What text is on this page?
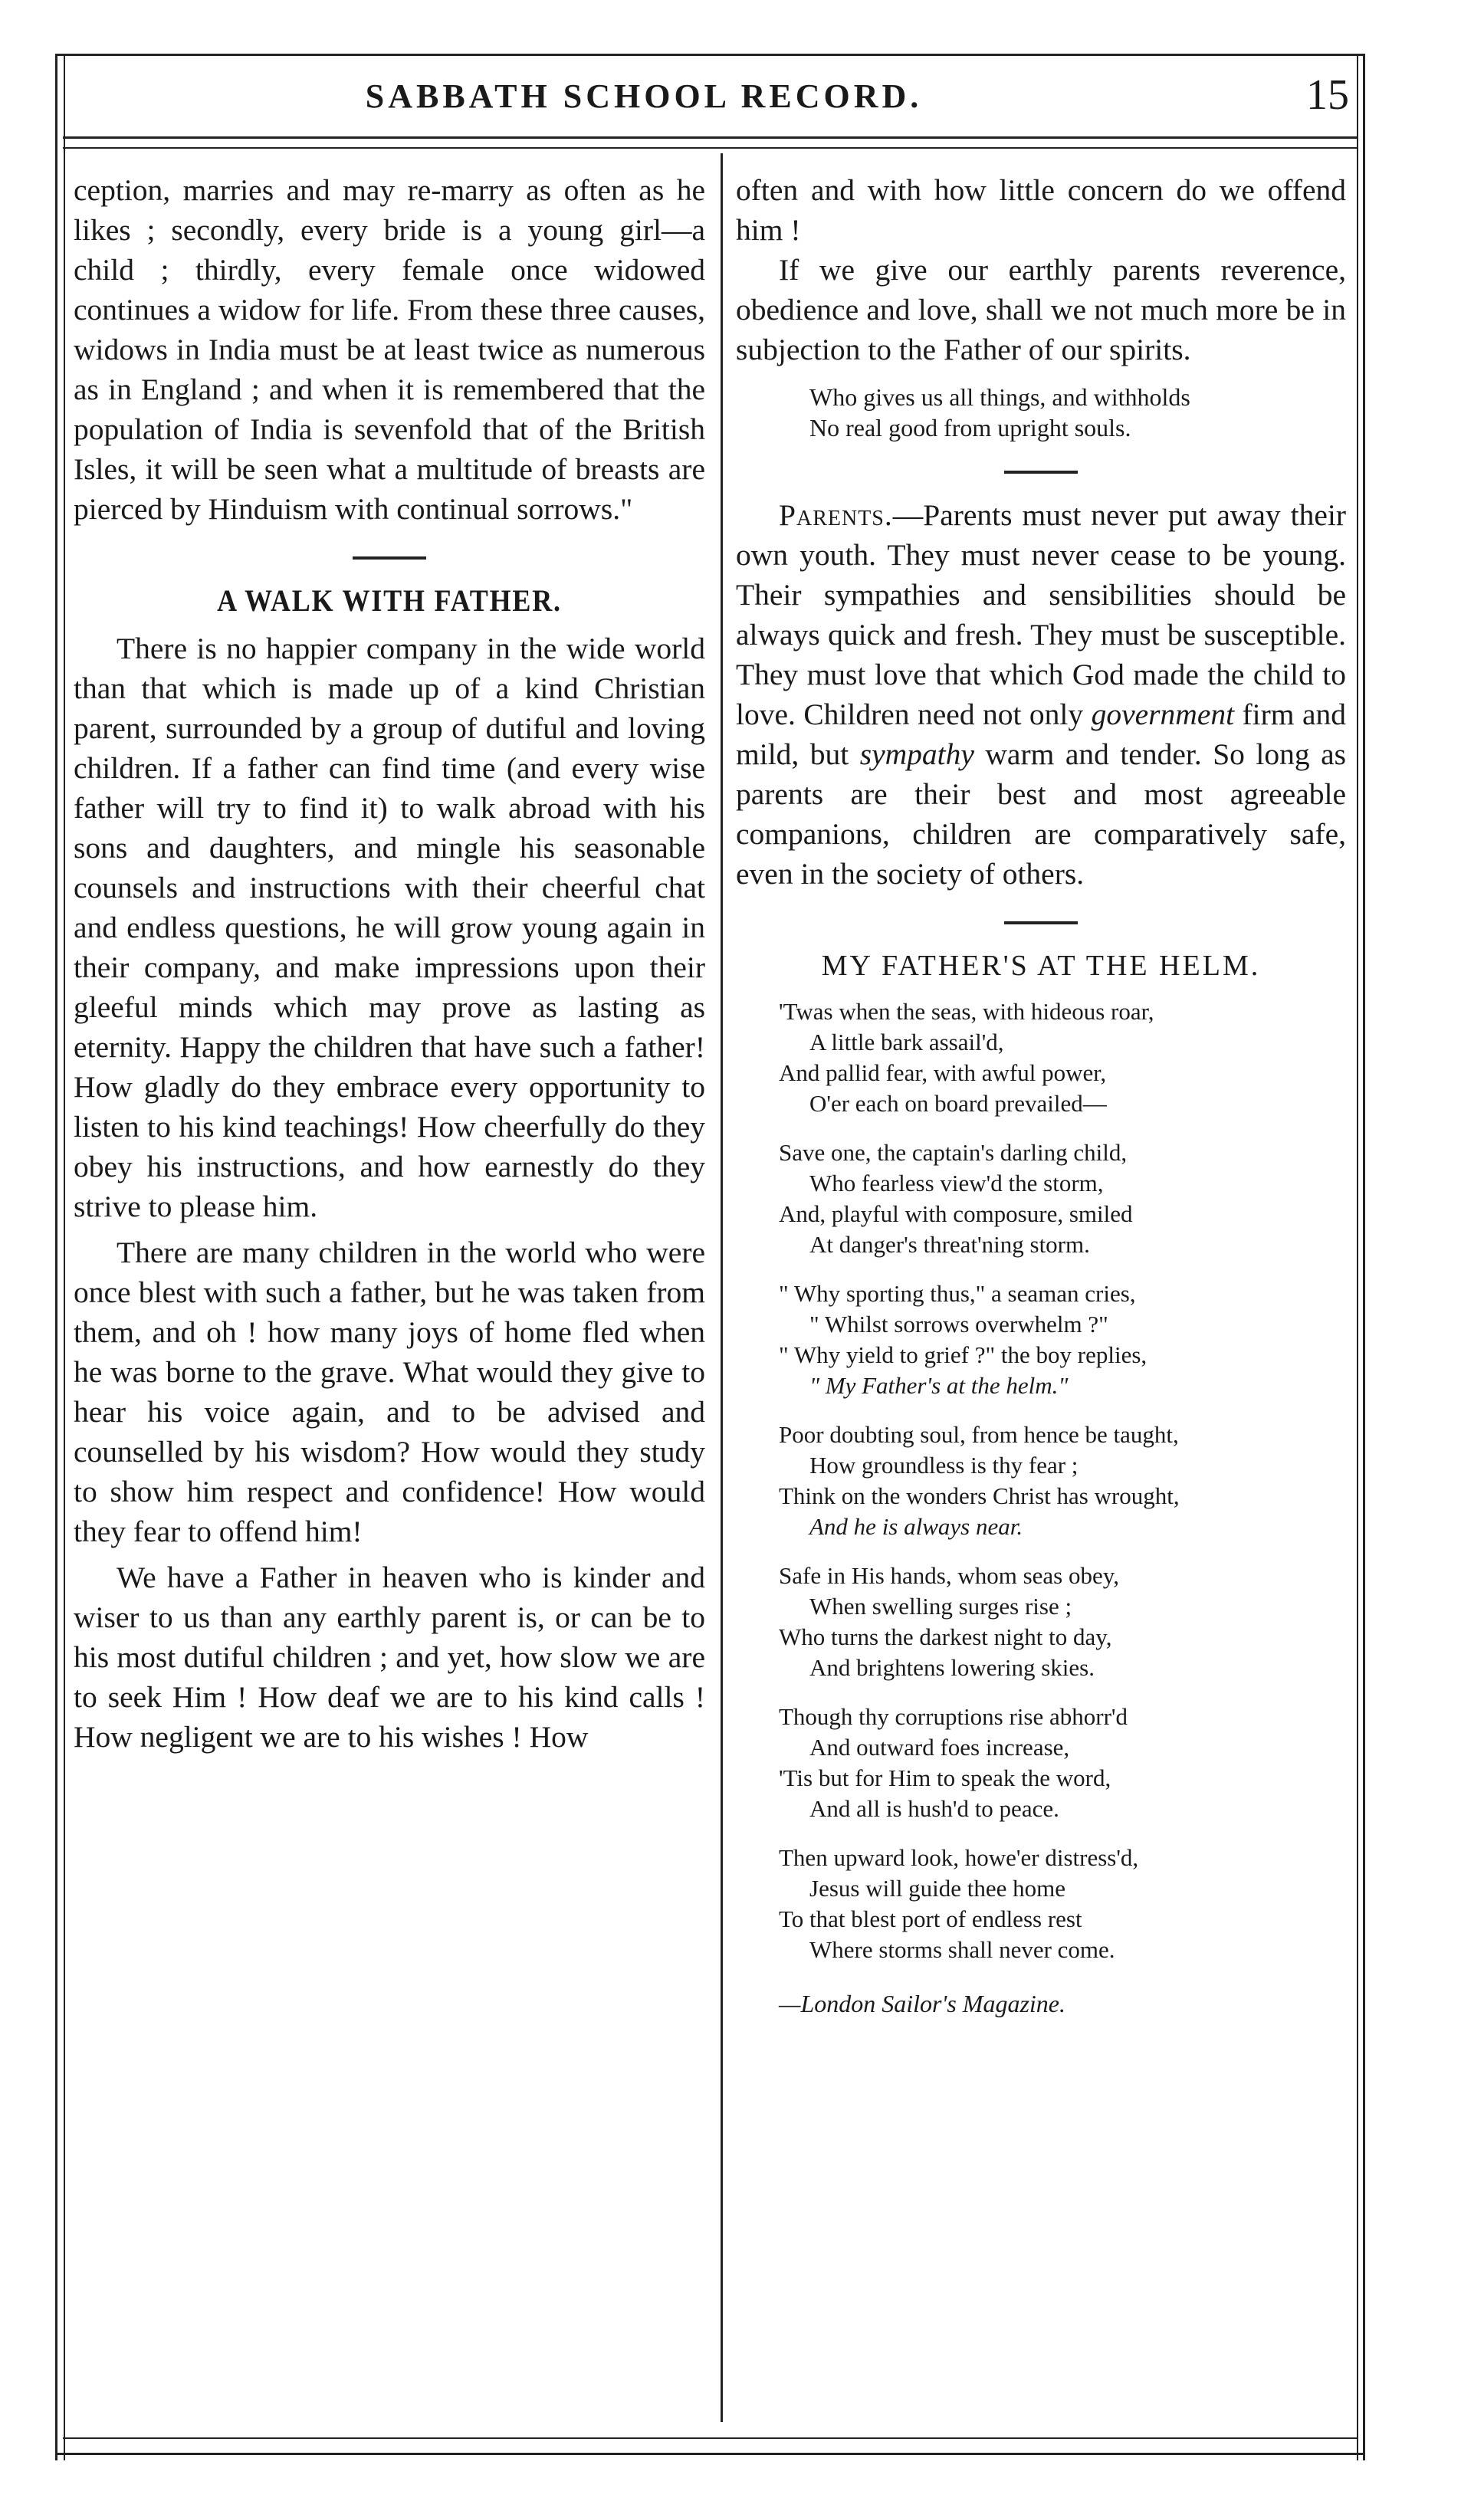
SABBATH SCHOOL RECORD.	15

ception, marries and may re-marry as often as he likes ; secondly, every bride is a young girl—a child ; thirdly, every female once widowed continues a widow for life. From these three causes, widows in India must be at least twice as numerous as in England ; and when it is remembered that the population of India is sevenfold that of the British Isles, it will be seen what a multitude of breasts are pierced by Hinduism with continual sorrows."

A WALK WITH FATHER.

There is no happier company in the wide world than that which is made up of a kind Christian parent, surrounded by a group of dutiful and loving children. If a father can find time (and every wise father will try to find it) to walk abroad with his sons and daughters, and mingle his seasonable counsels and instructions with their cheerful chat and endless questions, he will grow young again in their company, and make impressions upon their gleeful minds which may prove as lasting as eternity. Happy the children that have such a father! How gladly do they embrace every opportunity to listen to his kind teachings! How cheerfully do they obey his instructions, and how earnestly do they strive to please him.

There are many children in the world who were once blest with such a father, but he was taken from them, and oh ! how many joys of home fled when he was borne to the grave. What would they give to hear his voice again, and to be advised and counselled by his wisdom? How would they study to show him respect and confidence! How would they fear to offend him!

We have a Father in heaven who is kinder and wiser to us than any earthly parent is, or can be to his most dutiful children ; and yet, how slow we are to seek Him ! How deaf we are to his kind calls ! How negligent we are to his wishes ! How

often and with how little concern do we offend him !

If we give our earthly parents reverence, obedience and love, shall we not much more be in subjection to the Father of our spirits.

Who gives us all things, and withholds
No real good from upright souls.

Parents.—Parents must never put away their own youth. They must never cease to be young. Their sympathies and sensibilities should be always quick and fresh. They must be susceptible. They must love that which God made the child to love. Children need not only government firm and mild, but sympathy warm and tender. So long as parents are their best and most agreeable companions, children are comparatively safe, even in the society of others.

MY FATHER'S AT THE HELM.
'Twas when the seas, with hideous roar,
A little bark assail'd,
And pallid fear, with awful power,
O'er each on board prevailed—
Save one, the captain's darling child,
Who fearless view'd the storm,
And, playful with composure, smiled
At danger's threat'ning storm.
" Why sporting thus," a seaman cries,
" Whilst sorrows overwhelm ?"
" Why yield to grief ?" the boy replies,
" My Father's at the helm."
Poor doubting soul, from hence be taught,
How groundless is thy fear ;
Think on the wonders Christ has wrought,
And he is always near.
Safe in His hands, whom seas obey,
When swelling surges rise ;
Who turns the darkest night to day,
And brightens lowering skies.
Though thy corruptions rise abhorr'd
And outward foes increase,
'Tis but for Him to speak the word,
And all is hush'd to peace.
Then upward look, howe'er distress'd,
Jesus will guide thee home
To that blest port of endless rest
Where storms shall never come.
—London Sailor's Magazine.
